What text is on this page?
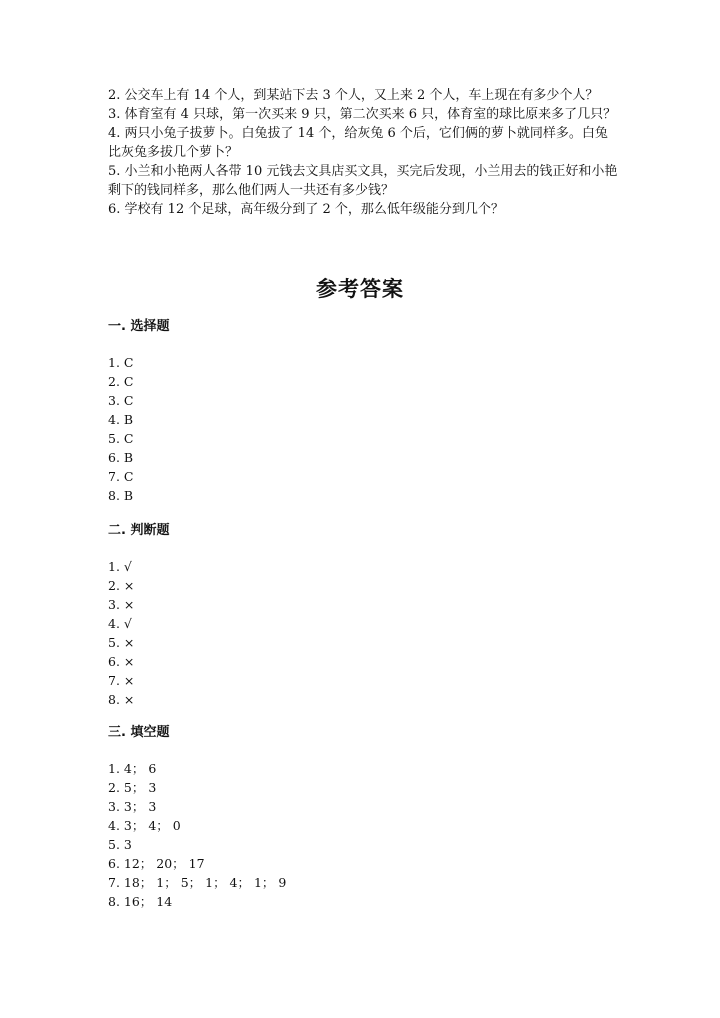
2. 公交车上有 14 个人，到某站下去 3 个人，又上来 2 个人，车上现在有多少个人？

3. 体育室有 4 只球，第一次买来 9 只，第二次买来 6 只，体育室的球比原来多了几只？

4. 两只小兔子拔萝卜。白兔拔了 14 个，给灰兔 6 个后，它们俩的萝卜就同样多。白兔比灰兔多拔几个萝卜？

5. 小兰和小艳两人各带 10 元钱去文具店买文具，买完后发现，小兰用去的钱正好和小艳剩下的钱同样多，那么他们两人一共还有多少钱？

6. 学校有 12 个足球，高年级分到了 2 个，那么低年级能分到几个？

参考答案
一. 选择题
1. C
2. C
3. C
4. B
5. C
6. B
7. C
8. B
二. 判断题
1. √
2. ×
3. ×
4. √
5. ×
6. ×
7. ×
8. ×
三. 填空题
1. 4； 6
2. 5； 3
3. 3； 3
4. 3； 4； 0
5. 3
6. 12； 20； 17
7. 18； 1； 5； 1； 4； 1； 9
8. 16； 14
